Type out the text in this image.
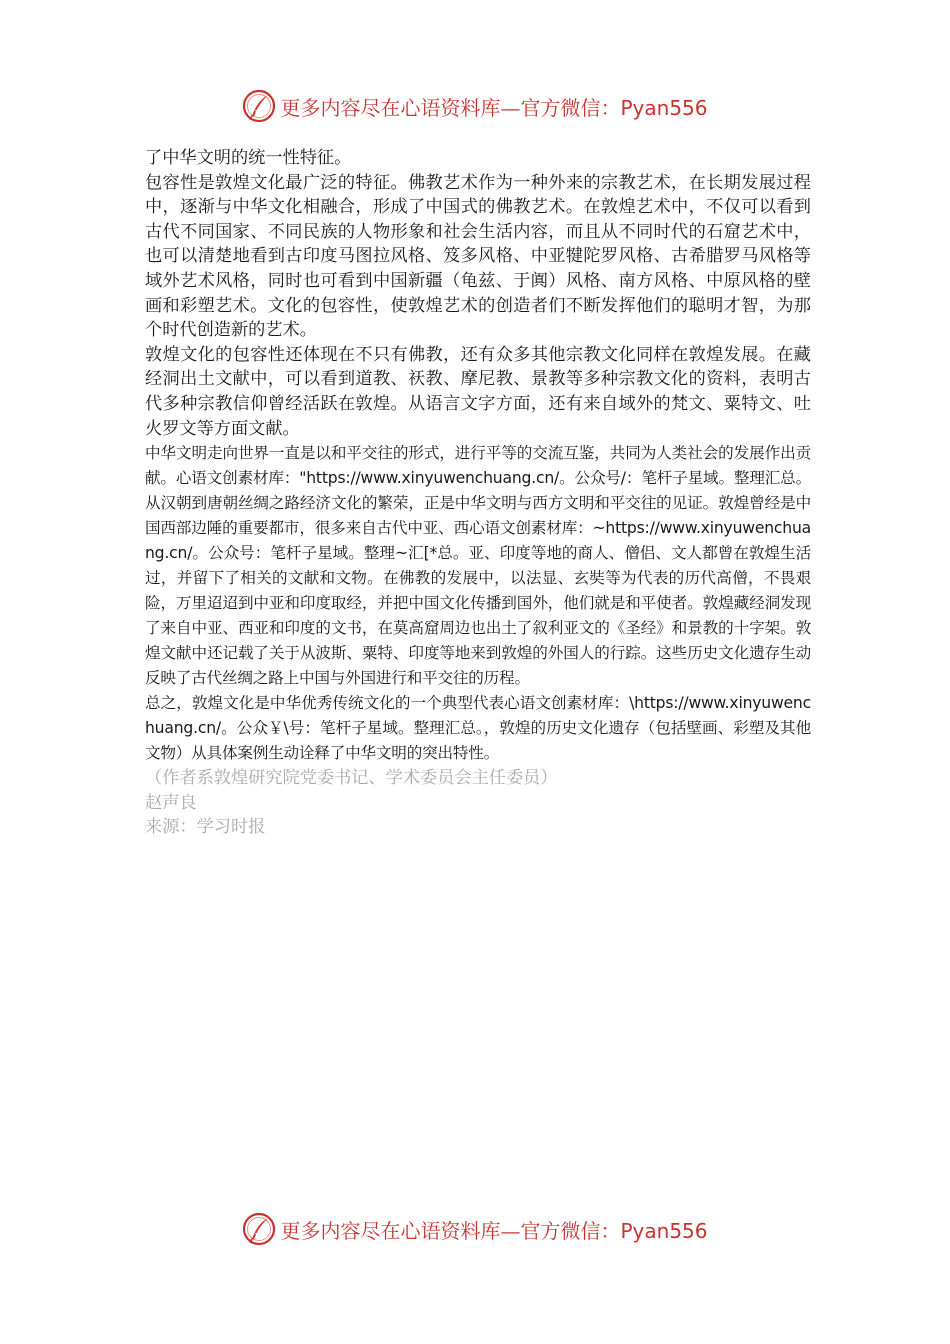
更多内容尽在心语资料库—官方微信：Pyan556

了中华文明的统一性特征。

包容性是敦煌文化最广泛的特征。佛教艺术作为一种外来的宗教艺术，在长期发展过程中，逐渐与中华文化相融合，形成了中国式的佛教艺术。在敦煌艺术中，不仅可以看到古代不同国家、不同民族的人物形象和社会生活内容，而且从不同时代的石窟艺术中，也可以清楚地看到古印度马图拉风格、笈多风格、中亚犍陀罗风格、古希腊罗马风格等域外艺术风格，同时也可看到中国新疆（龟兹、于阗）风格、南方风格、中原风格的壁画和彩塑艺术。文化的包容性，使敦煌艺术的创造者们不断发挥他们的聪明才智，为那个时代创造新的艺术。

敦煌文化的包容性还体现在不只有佛教，还有众多其他宗教文化同样在敦煌发展。在藏经洞出土文献中，可以看到道教、祆教、摩尼教、景教等多种宗教文化的资料，表明古代多种宗教信仰曾经活跃在敦煌。从语言文字方面，还有来自域外的梵文、粟特文、吐火罗文等方面文献。

中华文明走向世界一直是以和平交往的形式，进行平等的交流互鉴，共同为人类社会的发展作出贡献。心语文创素材库："https://www.xinyuwenchuang.cn/。公众号/：笔杆子星域。整理汇总。从汉朝到唐朝丝绸之路经济文化的繁荣，正是中华文明与西方文明和平交往的见证。敦煌曾经是中国西部边陲的重要都市，很多来自古代中亚、西心语文创素材库：~https://www.xinyuwenchuang.cn/。公众号：笔杆子星域。整理~汇[*总。亚、印度等地的商人、僧侣、文人都曾在敦煌生活过，并留下了相关的文献和文物。在佛教的发展中，以法显、玄奘等为代表的历代高僧，不畏艰险，万里迢迢到中亚和印度取经，并把中国文化传播到国外，他们就是和平使者。敦煌藏经洞发现了来自中亚、西亚和印度的文书，在莫高窟周边也出土了叙利亚文的《圣经》和景教的十字架。敦煌文献中还记载了关于从波斯、粟特、印度等地来到敦煌的外国人的行踪。这些历史文化遗存生动反映了古代丝绸之路上中国与外国进行和平交往的历程。

总之，敦煌文化是中华优秀传统文化的一个典型代表心语文创素材库：\https://www.xinyuwenchuang.cn/。公众￥\号：笔杆子星域。整理汇总。，敦煌的历史文化遗存（包括壁画、彩塑及其他文物）从具体案例生动诠释了中华文明的突出特性。

（作者系敦煌研究院党委书记、学术委员会主任委员）

赵声良

来源：学习时报

更多内容尽在心语资料库—官方微信：Pyan556
